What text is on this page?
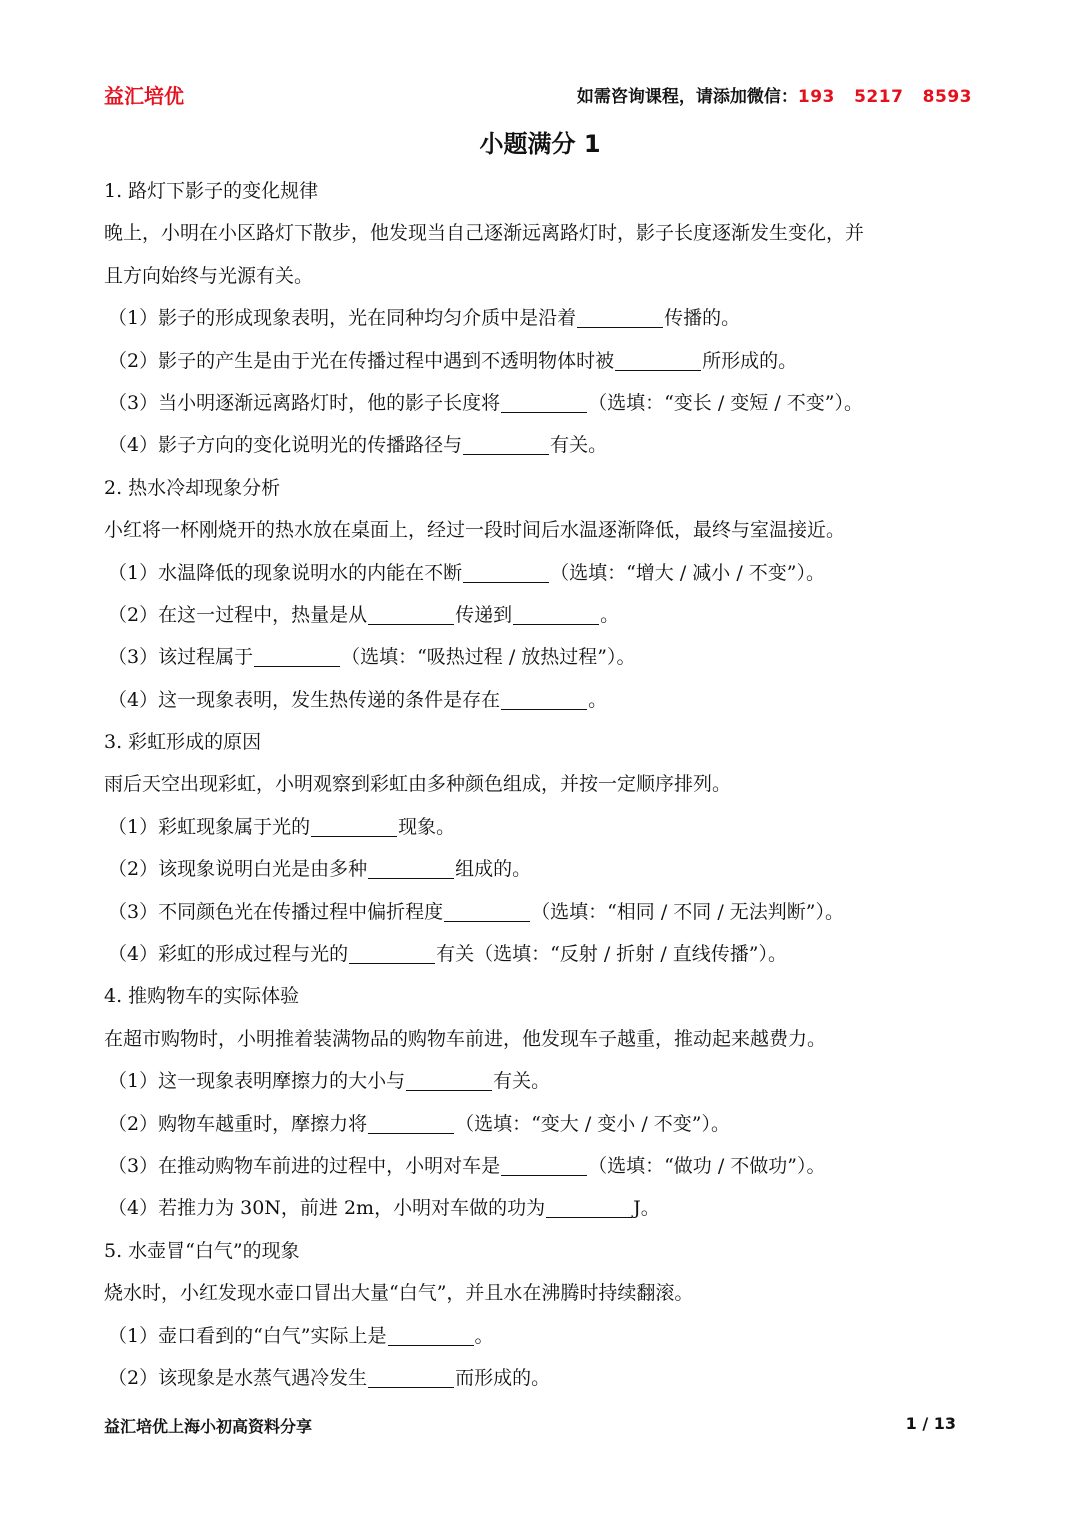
益汇培优	如需咨询课程，请添加微信：193   5217   8593
小题满分 1
1. 路灯下影子的变化规律
晚上，小明在小区路灯下散步，他发现当自己逐渐远离路灯时，影子长度逐渐发生变化，并
且方向始终与光源有关。
（1）影子的形成现象表明，光在同种均匀介质中是沿着	传播的。
（2）影子的产生是由于光在传播过程中遇到不透明物体时被	所形成的。
（3）当小明逐渐远离路灯时，他的影子长度将	（选填：“变长 / 变短 / 不变”）。
（4）影子方向的变化说明光的传播路径与	有关。
2. 热水冷却现象分析
小红将一杯刚烧开的热水放在桌面上，经过一段时间后水温逐渐降低，最终与室温接近。
（1）水温降低的现象说明水的内能在不断	（选填：“增大 / 减小 / 不变”）。
（2）在这一过程中，热量是从	传递到	。
（3）该过程属于	（选填：“吸热过程 / 放热过程”）。
（4）这一现象表明，发生热传递的条件是存在	。
3. 彩虹形成的原因
雨后天空出现彩虹，小明观察到彩虹由多种颜色组成，并按一定顺序排列。
（1）彩虹现象属于光的	现象。
（2）该现象说明白光是由多种	组成的。
（3）不同颜色光在传播过程中偏折程度	（选填：“相同 / 不同 / 无法判断”）。
（4）彩虹的形成过程与光的	有关（选填：“反射 / 折射 / 直线传播”）。
4. 推购物车的实际体验
在超市购物时，小明推着装满物品的购物车前进，他发现车子越重，推动起来越费力。
（1）这一现象表明摩擦力的大小与	有关。
（2）购物车越重时，摩擦力将	（选填：“变大 / 变小 / 不变”）。
（3）在推动购物车前进的过程中，小明对车是	（选填：“做功 / 不做功”）。
（4）若推力为 30N，前进 2m，小明对车做的功为	J。
5. 水壶冒“白气”的现象
烧水时，小红发现水壶口冒出大量“白气”，并且水在沸腾时持续翻滚。
（1）壶口看到的“白气”实际上是	。
（2）该现象是水蒸气遇冷发生	而形成的。
益汇培优上海小初高资料分享	1 / 13
